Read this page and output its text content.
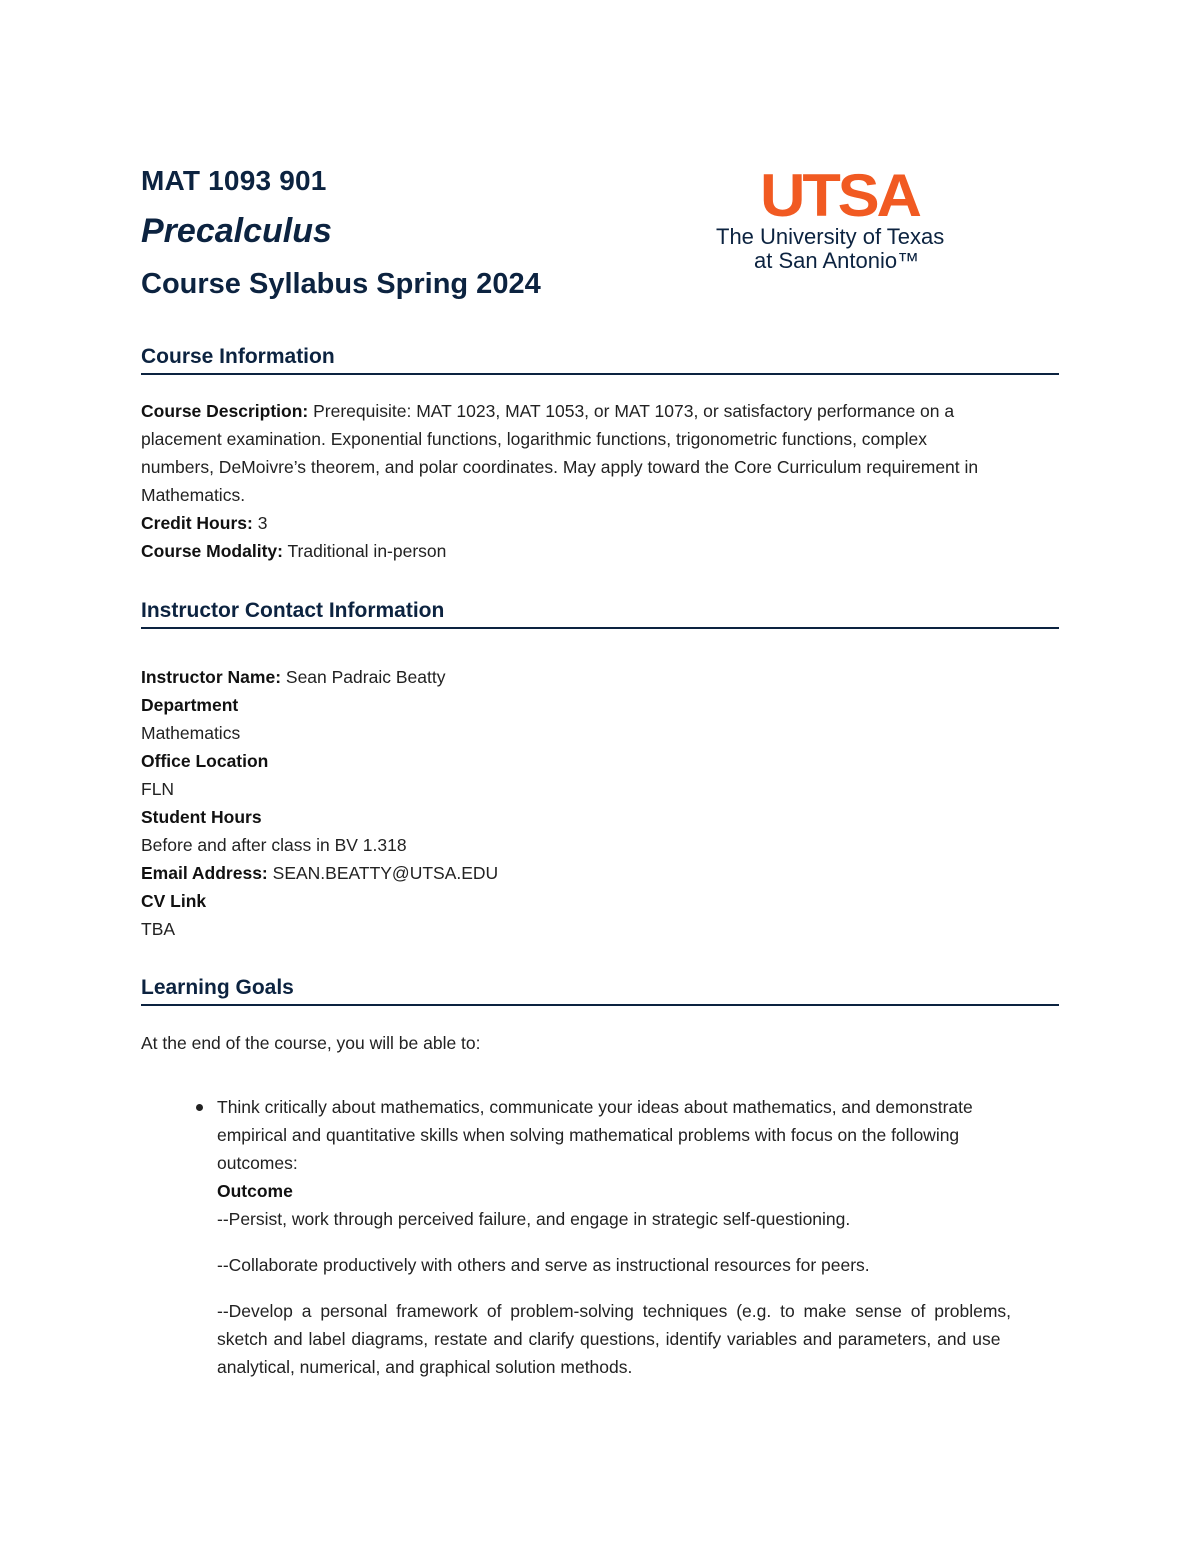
MAT 1093 901
Precalculus
Course Syllabus Spring 2024
UTSA
The University of Texas
at San Antonio™
Course Information
Course Description: Prerequisite: MAT 1023, MAT 1053, or MAT 1073, or satisfactory performance on a
placement examination. Exponential functions, logarithmic functions, trigonometric functions, complex
numbers, DeMoivre’s theorem, and polar coordinates. May apply toward the Core Curriculum requirement in
Mathematics.
Credit Hours: 3
Course Modality: Traditional in-person
Instructor Contact Information
Instructor Name: Sean Padraic Beatty
Department
Mathematics
Office Location
FLN
Student Hours
Before and after class in BV 1.318
Email Address: SEAN.BEATTY@UTSA.EDU
CV Link
TBA
Learning Goals
At the end of the course, you will be able to:
Think critically about mathematics, communicate your ideas about mathematics, and demonstrate
empirical and quantitative skills when solving mathematical problems with focus on the following
outcomes:
Outcome
--Persist, work through perceived failure, and engage in strategic self-questioning.
--Collaborate productively with others and serve as instructional resources for peers.
--Develop a personal framework of problem-solving techniques (e.g. to make sense of problems,
sketch and label diagrams, restate and clarify questions, identify variables and parameters, and use
analytical, numerical, and graphical solution methods.
